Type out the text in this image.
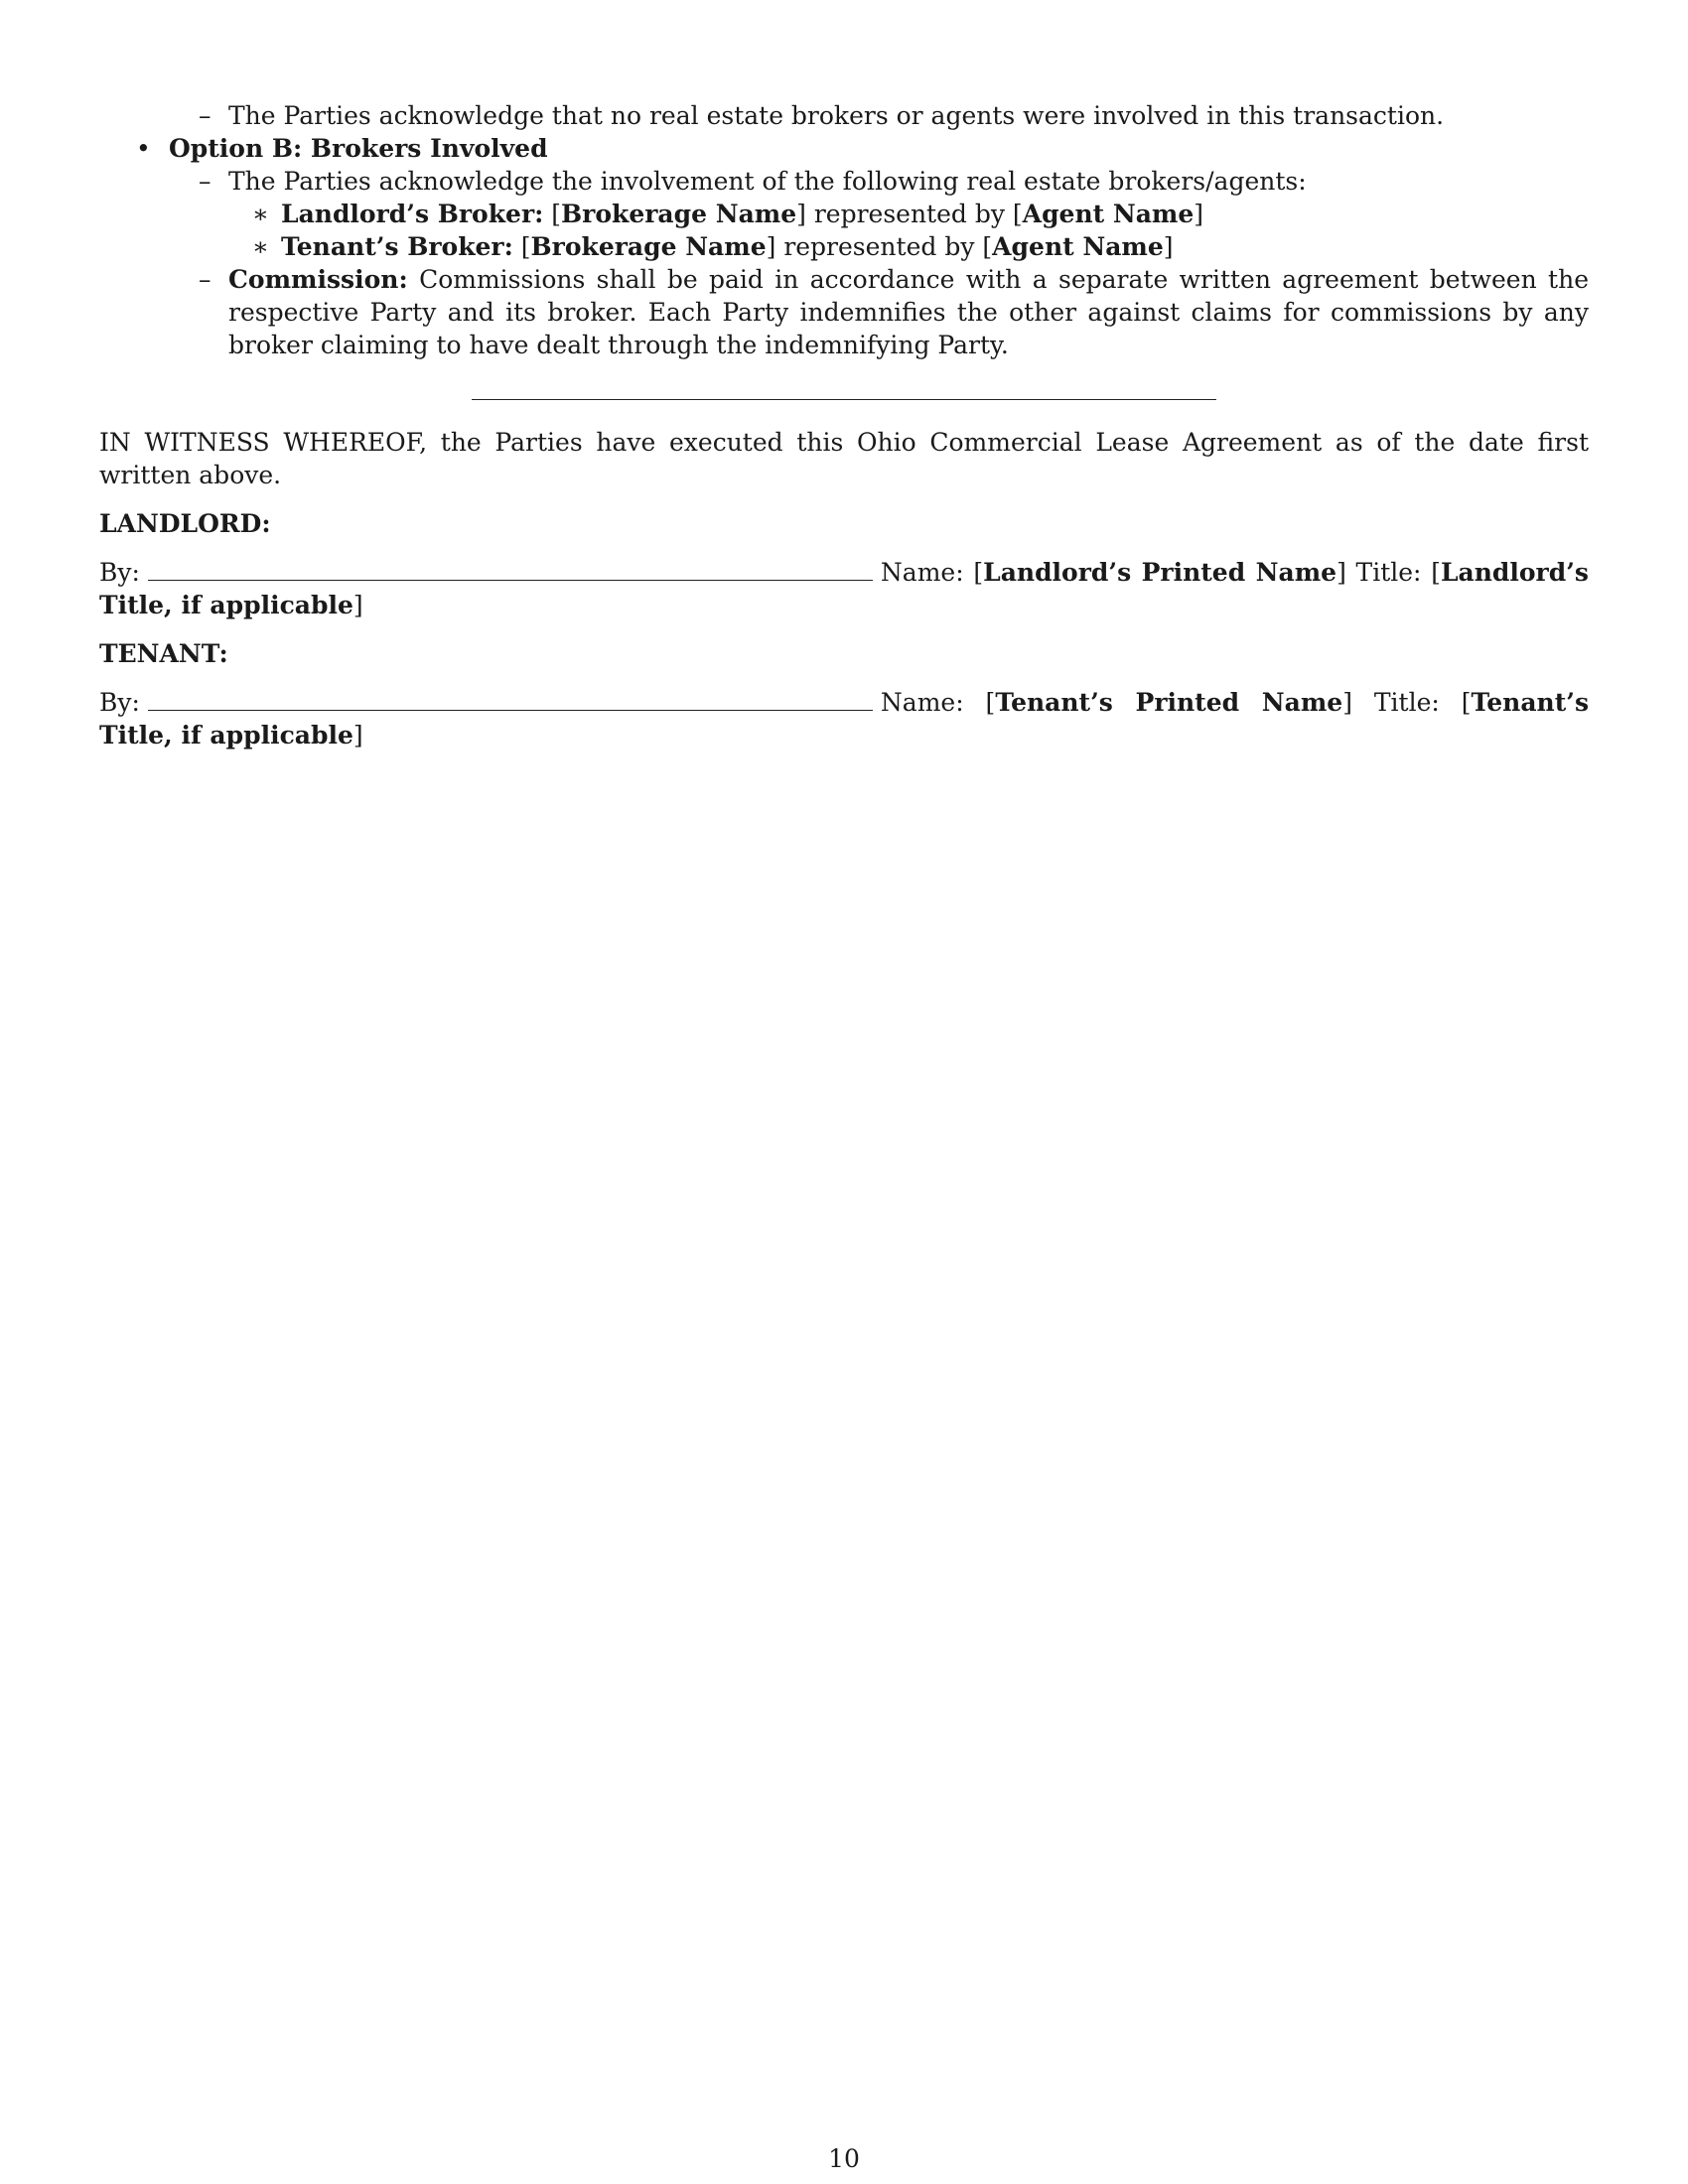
– The Parties acknowledge that no real estate brokers or agents were involved in this transaction.
• Option B: Brokers Involved
– The Parties acknowledge the involvement of the following real estate brokers/agents:
∗ Landlord’s Broker: [Brokerage Name] represented by [Agent Name]
∗ Tenant’s Broker: [Brokerage Name] represented by [Agent Name]
– Commission: Commissions shall be paid in accordance with a separate written agreement between the respective Party and its broker. Each Party indemnifies the other against claims for commissions by any broker claiming to have dealt through the indemnifying Party.

IN WITNESS WHEREOF, the Parties have executed this Ohio Commercial Lease Agreement as of the date first written above.

LANDLORD:
By:	Name: [Landlord’s Printed Name] Title: [Landlord’s Title, if applicable]
TENANT:
By:	Name: [Tenant’s Printed Name] Title: [Tenant’s Title, if applicable]
10
